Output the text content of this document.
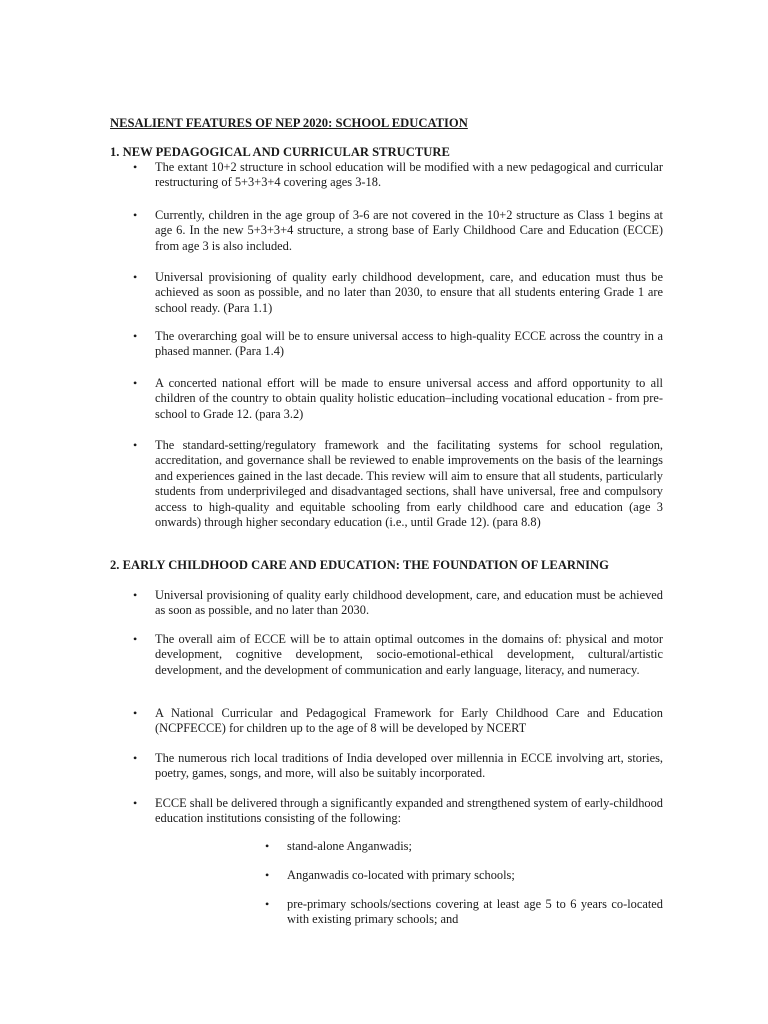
NESALIENT FEATURES OF NEP 2020: SCHOOL EDUCATION

1. NEW PEDAGOGICAL AND CURRICULAR STRUCTURE

• The extant 10+2 structure in school education will be modified with a new pedagogical and curricular restructuring of 5+3+3+4 covering ages 3-18.

• Currently, children in the age group of 3-6 are not covered in the 10+2 structure as Class 1 begins at age 6. In the new 5+3+3+4 structure, a strong base of Early Childhood Care and Education (ECCE) from age 3 is also included.

• Universal provisioning of quality early childhood development, care, and education must thus be achieved as soon as possible, and no later than 2030, to ensure that all students entering Grade 1 are school ready. (Para 1.1)

• The overarching goal will be to ensure universal access to high-quality ECCE across the country in a phased manner. (Para 1.4)

• A concerted national effort will be made to ensure universal access and afford opportunity to all children of the country to obtain quality holistic education–including vocational education - from pre-school to Grade 12. (para 3.2)

• The standard-setting/regulatory framework and the facilitating systems for school regulation, accreditation, and governance shall be reviewed to enable improvements on the basis of the learnings and experiences gained in the last decade. This review will aim to ensure that all students, particularly students from underprivileged and disadvantaged sections, shall have universal, free and compulsory access to high-quality and equitable schooling from early childhood care and education (age 3 onwards) through higher secondary education (i.e., until Grade 12). (para 8.8)

2. EARLY CHILDHOOD CARE AND EDUCATION: THE FOUNDATION OF LEARNING

• Universal provisioning of quality early childhood development, care, and education must be achieved as soon as possible, and no later than 2030.

• The overall aim of ECCE will be to attain optimal outcomes in the domains of: physical and motor development, cognitive development, socio-emotional-ethical development, cultural/artistic development, and the development of communication and early language, literacy, and numeracy.

• A National Curricular and Pedagogical Framework for Early Childhood Care and Education (NCPFECCE) for children up to the age of 8 will be developed by NCERT

• The numerous rich local traditions of India developed over millennia in ECCE involving art, stories, poetry, games, songs, and more, will also be suitably incorporated.

• ECCE shall be delivered through a significantly expanded and strengthened system of early-childhood education institutions consisting of the following:

• stand-alone Anganwadis;

• Anganwadis co-located with primary schools;

• pre-primary schools/sections covering at least age 5 to 6 years co-located with existing primary schools; and
